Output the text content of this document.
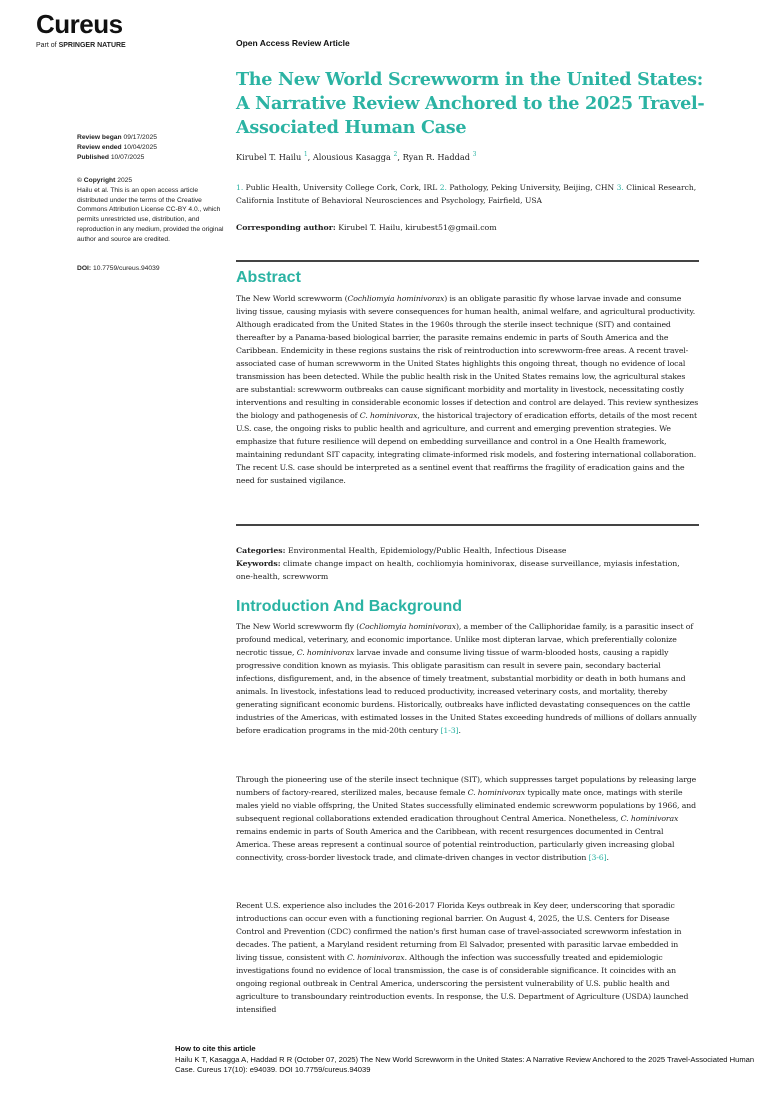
Cureus
Part of SPRINGER NATURE	Open Access Review Article
The New World Screwworm in the United States:
A Narrative Review Anchored to the 2025 Travel-
Associated Human Case
Review began 09/17/2025
Review ended 10/04/2025
Published 10/07/2025
© Copyright 2025
Hailu et al. This is an open access article distributed under the terms of the Creative Commons Attribution License CC-BY 4.0., which permits unrestricted use, distribution, and reproduction in any medium, provided the original author and source are credited.
DOI: 10.7759/cureus.94039
Kirubel T. Hailu $^1$, Alousious Kasagga $^2$, Ryan R. Haddad $^3$
1. Public Health, University College Cork, Cork, IRL 2. Pathology, Peking University, Beijing, CHN 3. Clinical Research, California Institute of Behavioral Neurosciences and Psychology, Fairfield, USA
Corresponding author: Kirubel T. Hailu, kirubest51@gmail.com
Abstract
The New World screwworm (Cochliomyia hominivorax) is an obligate parasitic fly whose larvae invade and consume living tissue, causing myiasis with severe consequences for human health, animal welfare, and agricultural productivity. Although eradicated from the United States in the 1960s through the sterile insect technique (SIT) and contained thereafter by a Panama-based biological barrier, the parasite remains endemic in parts of South America and the Caribbean. Endemicity in these regions sustains the risk of reintroduction into screwworm-free areas. A recent travel-associated case of human screwworm in the United States highlights this ongoing threat, though no evidence of local transmission has been detected. While the public health risk in the United States remains low, the agricultural stakes are substantial: screwworm outbreaks can cause significant morbidity and mortality in livestock, necessitating costly interventions and resulting in considerable economic losses if detection and control are delayed. This review synthesizes the biology and pathogenesis of C. hominivorax, the historical trajectory of eradication efforts, details of the most recent U.S. case, the ongoing risks to public health and agriculture, and current and emerging prevention strategies. We emphasize that future resilience will depend on embedding surveillance and control in a One Health framework, maintaining redundant SIT capacity, integrating climate-informed risk models, and fostering international collaboration. The recent U.S. case should be interpreted as a sentinel event that reaffirms the fragility of eradication gains and the need for sustained vigilance.
Categories: Environmental Health, Epidemiology/Public Health, Infectious Disease
Keywords: climate change impact on health, cochliomyia hominivorax, disease surveillance, myiasis infestation, one-health, screwworm
Introduction And Background
The New World screwworm fly (Cochliomyia hominivorax), a member of the Calliphoridae family, is a parasitic insect of profound medical, veterinary, and economic importance. Unlike most dipteran larvae, which preferentially colonize necrotic tissue, C. hominivorax larvae invade and consume living tissue of warm-blooded hosts, causing a rapidly progressive condition known as myiasis. This obligate parasitism can result in severe pain, secondary bacterial infections, disfigurement, and, in the absence of timely treatment, substantial morbidity or death in both humans and animals. In livestock, infestations lead to reduced productivity, increased veterinary costs, and mortality, thereby generating significant economic burdens. Historically, outbreaks have inflicted devastating consequences on the cattle industries of the Americas, with estimated losses in the United States exceeding hundreds of millions of dollars annually before eradication programs in the mid-20th century [1-3].
Through the pioneering use of the sterile insect technique (SIT), which suppresses target populations by releasing large numbers of factory-reared, sterilized males, because female C. hominivorax typically mate once, matings with sterile males yield no viable offspring, the United States successfully eliminated endemic screwworm populations by 1966, and subsequent regional collaborations extended eradication throughout Central America. Nonetheless, C. hominivorax remains endemic in parts of South America and the Caribbean, with recent resurgences documented in Central America. These areas represent a continual source of potential reintroduction, particularly given increasing global connectivity, cross-border livestock trade, and climate-driven changes in vector distribution [3-6].
Recent U.S. experience also includes the 2016-2017 Florida Keys outbreak in Key deer, underscoring that sporadic introductions can occur even with a functioning regional barrier. On August 4, 2025, the U.S. Centers for Disease Control and Prevention (CDC) confirmed the nation's first human case of travel-associated screwworm infestation in decades. The patient, a Maryland resident returning from El Salvador, presented with parasitic larvae embedded in living tissue, consistent with C. hominivorax. Although the infection was successfully treated and epidemiologic investigations found no evidence of local transmission, the case is of considerable significance. It coincides with an ongoing regional outbreak in Central America, underscoring the persistent vulnerability of U.S. public health and agriculture to transboundary reintroduction events. In response, the U.S. Department of Agriculture (USDA) launched intensified
How to cite this article
Hailu K T, Kasagga A, Haddad R R (October 07, 2025) The New World Screwworm in the United States: A Narrative Review Anchored to the 2025 Travel-Associated Human Case. Cureus 17(10): e94039. DOI 10.7759/cureus.94039
